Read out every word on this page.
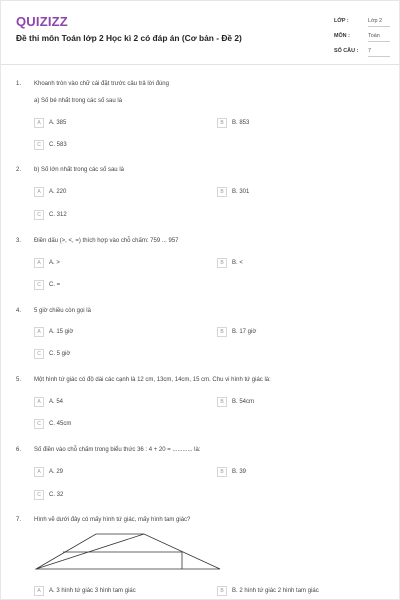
QUIZIZZ
Đề thi môn Toán lớp 2 Học kì 2 có đáp án (Cơ bản - Đề 2)
LỚP :	Lớp 2
MÔN :	Toán
SỐ CÂU : 7
1. Khoanh tròn vào chữ cái đặt trước câu trả lời đúng
a) Số bé nhất trong các số sau là
A	A. 385	B	B. 853
C	C. 583
2. b) Số lớn nhất trong các số sau là
A	A. 220	B	B. 301
C	C. 312
3. Điền dấu (>, <, =) thích hợp vào chỗ chấm: 759 ... 957
A	A. >	B	B. <
C	C. =
4. 5 giờ chiều còn gọi là
A	A. 15 giờ	B	B. 17 giờ
C	C. 5 giờ
5. Một hình tứ giác có độ dài các cạnh là 12 cm, 13cm, 14cm, 15 cm. Chu vi hình tứ giác là:
A	A. 54	B	B. 54cm
C	C. 45cm
6. Số điền vào chỗ chấm trong biểu thức 36 : 4 + 20 = ............ là:
A	A. 29	B	B. 39
C	C. 32
7. Hình vẽ dưới đây có mấy hình tứ giác, mấy hình tam giác?
A	A. 3 hình tứ giác 3 hình tam giác	B	B. 2 hình tứ giác 2 hình tam giác
